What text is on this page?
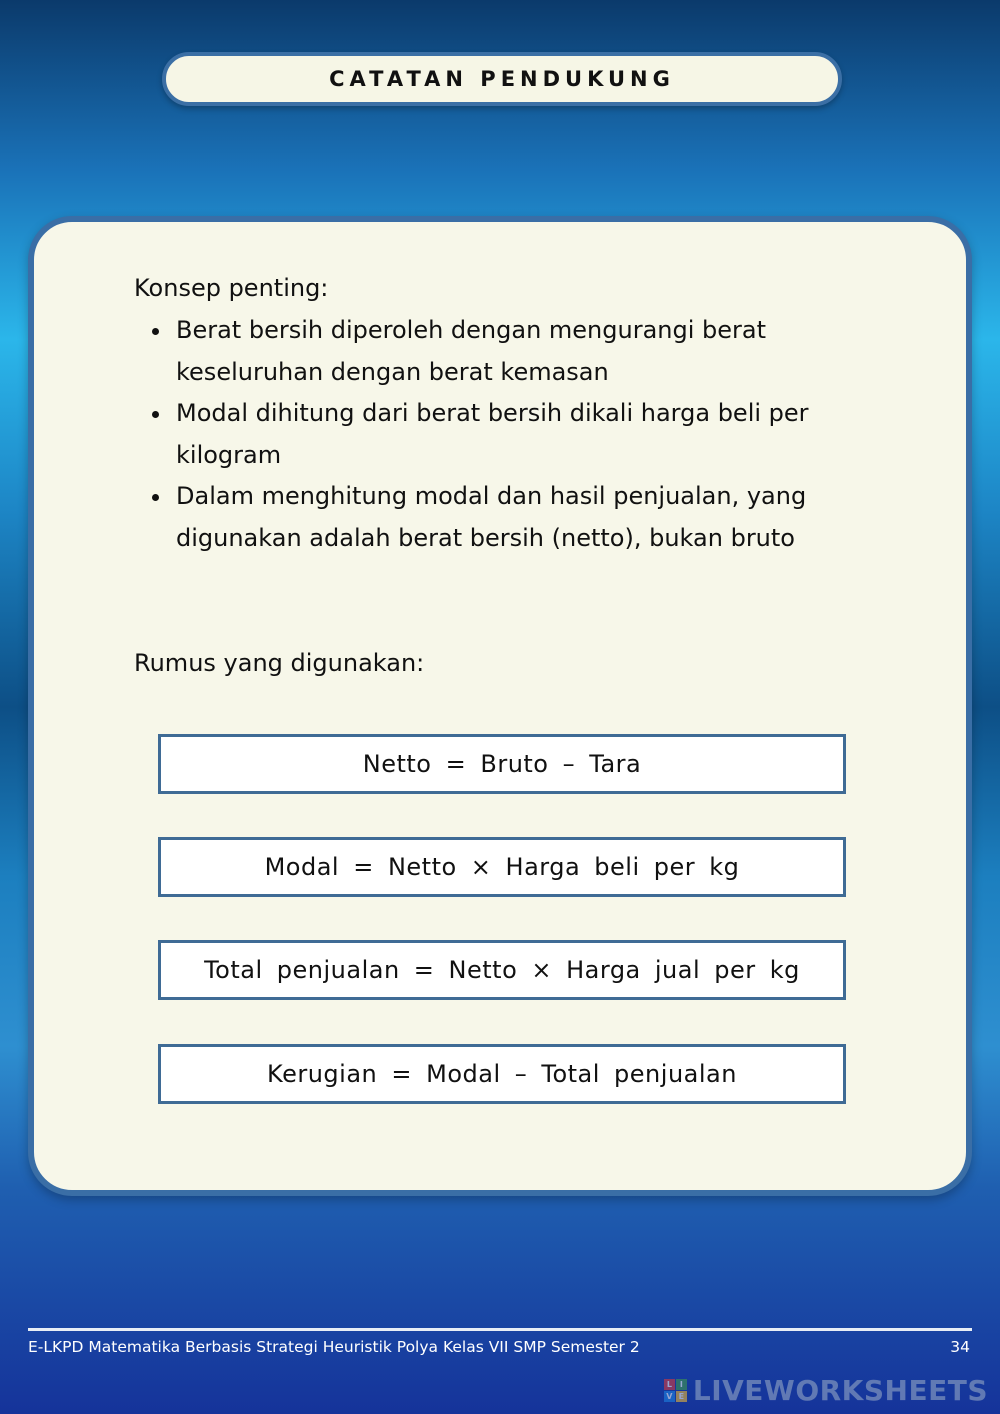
CATATAN PENDUKUNG
Konsep penting:
Berat bersih diperoleh dengan mengurangi berat keseluruhan dengan berat kemasan
Modal dihitung dari berat bersih dikali harga beli per kilogram
Dalam menghitung modal dan hasil penjualan, yang digunakan adalah berat bersih (netto), bukan bruto
Rumus yang digunakan:
Netto = Bruto – Tara
Modal = Netto × Harga beli per kg
Total penjualan = Netto × Harga jual per kg
Kerugian = Modal – Total penjualan
E-LKPD Matematika Berbasis Strategi Heuristik Polya Kelas VII SMP Semester 2	34
L I
V E LIVEWORKSHEETS
